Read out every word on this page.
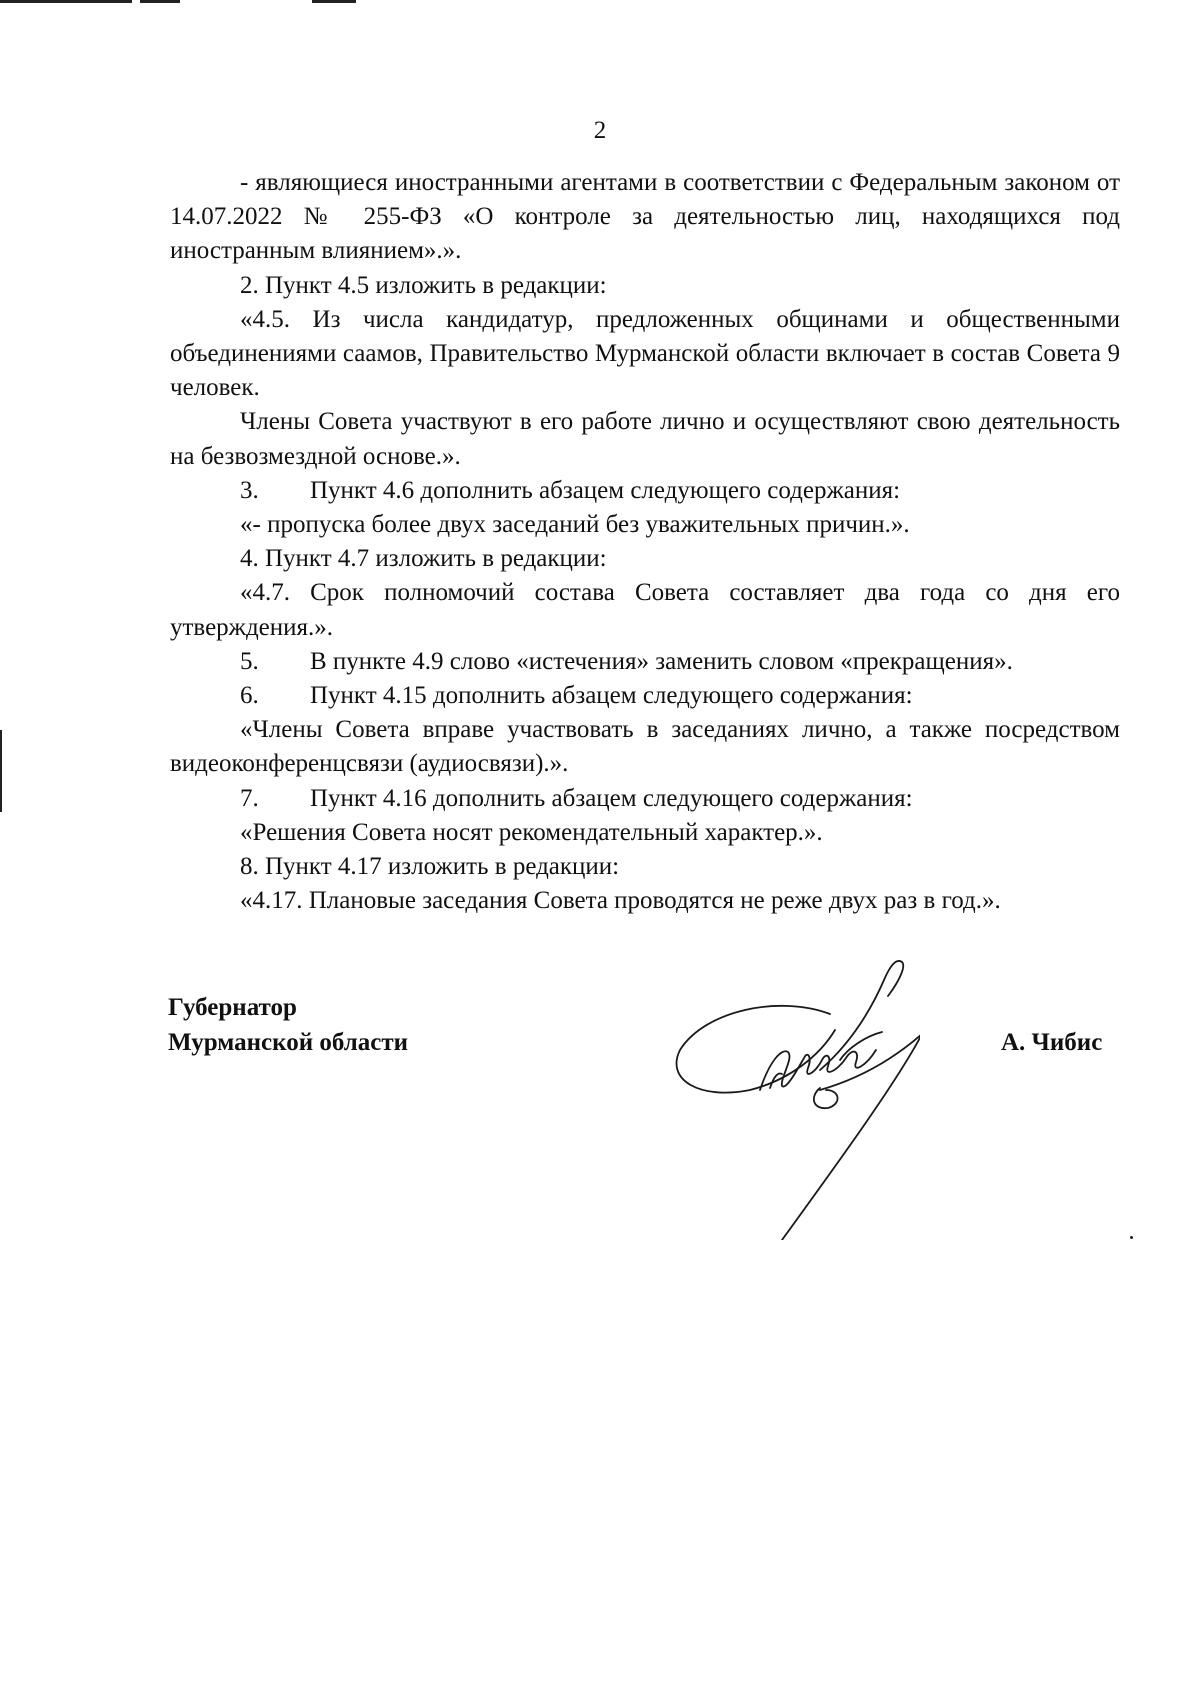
2

- являющиеся иностранными агентами в соответствии с Федеральным законом от 14.07.2022 № 255-ФЗ «О контроле за деятельностью лиц, находящихся под иностранным влиянием».».

2. Пункт 4.5 изложить в редакции:

«4.5. Из числа кандидатур, предложенных общинами и общественными объединениями саамов, Правительство Мурманской области включает в состав Совета 9 человек.

Члены Совета участвуют в его работе лично и осуществляют свою деятельность на безвозмездной основе.».

3.	Пункт 4.6 дополнить абзацем следующего содержания:

«- пропуска более двух заседаний без уважительных причин.».

4. Пункт 4.7 изложить в редакции:

«4.7. Срок полномочий состава Совета составляет два года со дня его утверждения.».

5.	В пункте 4.9 слово «истечения» заменить словом «прекращения».
6.	Пункт 4.15 дополнить абзацем следующего содержания:

«Члены Совета вправе участвовать в заседаниях лично, а также посредством видеоконференцсвязи (аудиосвязи).».

7.	Пункт 4.16 дополнить абзацем следующего содержания:

«Решения Совета носят рекомендательный характер.».

8. Пункт 4.17 изложить в редакции:

«4.17. Плановые заседания Совета проводятся не реже двух раз в год.».

Губернатор
Мурманской области	А. Чибис
